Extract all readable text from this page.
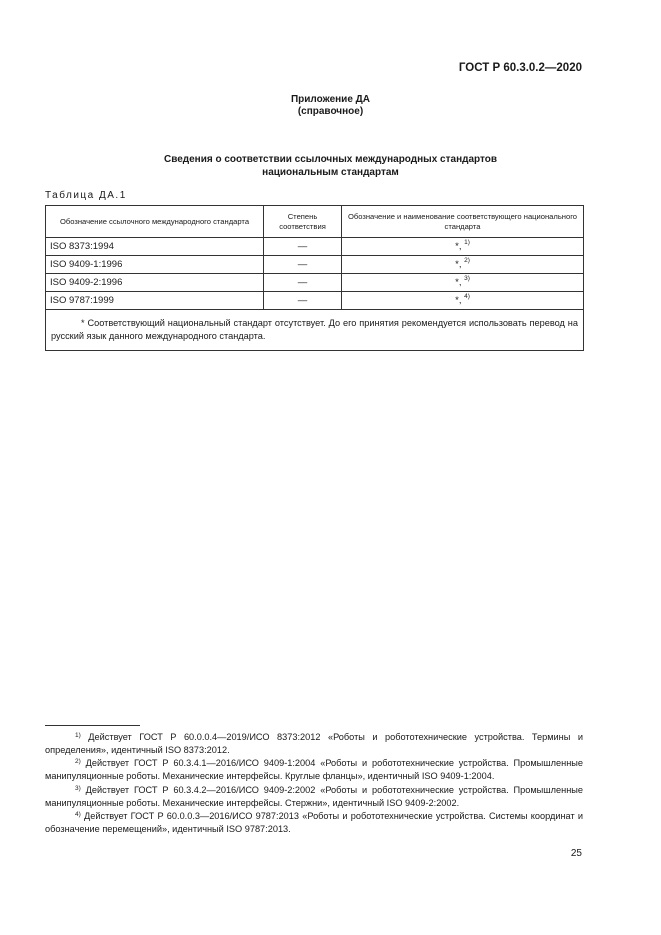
ГОСТ Р 60.3.0.2—2020
Приложение ДА
(справочное)
Сведения о соответствии ссылочных международных стандартов
национальным стандартам
Таблица ДА.1
Обозначение ссылочного международного стандарта	Степень соответствия	Обозначение и наименование соответствующего национального стандарта
ISO 8373:1994	—	*, $^{1)}$
ISO 9409-1:1996	—	*, $^{2)}$
ISO 9409-2:1996	—	*, $^{3)}$
ISO 9787:1999	—	*, $^{4)}$
* Соответствующий национальный стандарт отсутствует. До его принятия рекомендуется использовать перевод на русский язык данного международного стандарта.		
$^{1)}$ Действует ГОСТ Р 60.0.0.4—2019/ИСО 8373:2012 «Роботы и робототехнические устройства. Термины и определения», идентичный ISO 8373:2012.
$^{2)}$ Действует ГОСТ Р 60.3.4.1—2016/ИСО 9409-1:2004 «Роботы и робототехнические устройства. Промышленные манипуляционные роботы. Механические интерфейсы. Круглые фланцы», идентичный ISO 9409-1:2004.
$^{3)}$ Действует ГОСТ Р 60.3.4.2—2016/ИСО 9409-2:2002 «Роботы и робототехнические устройства. Промышленные манипуляционные роботы. Механические интерфейсы. Стержни», идентичный ISO 9409-2:2002.
$^{4)}$ Действует ГОСТ Р 60.0.0.3—2016/ИСО 9787:2013 «Роботы и робототехнические устройства. Системы координат и обозначение перемещений», идентичный ISO 9787:2013.
25
